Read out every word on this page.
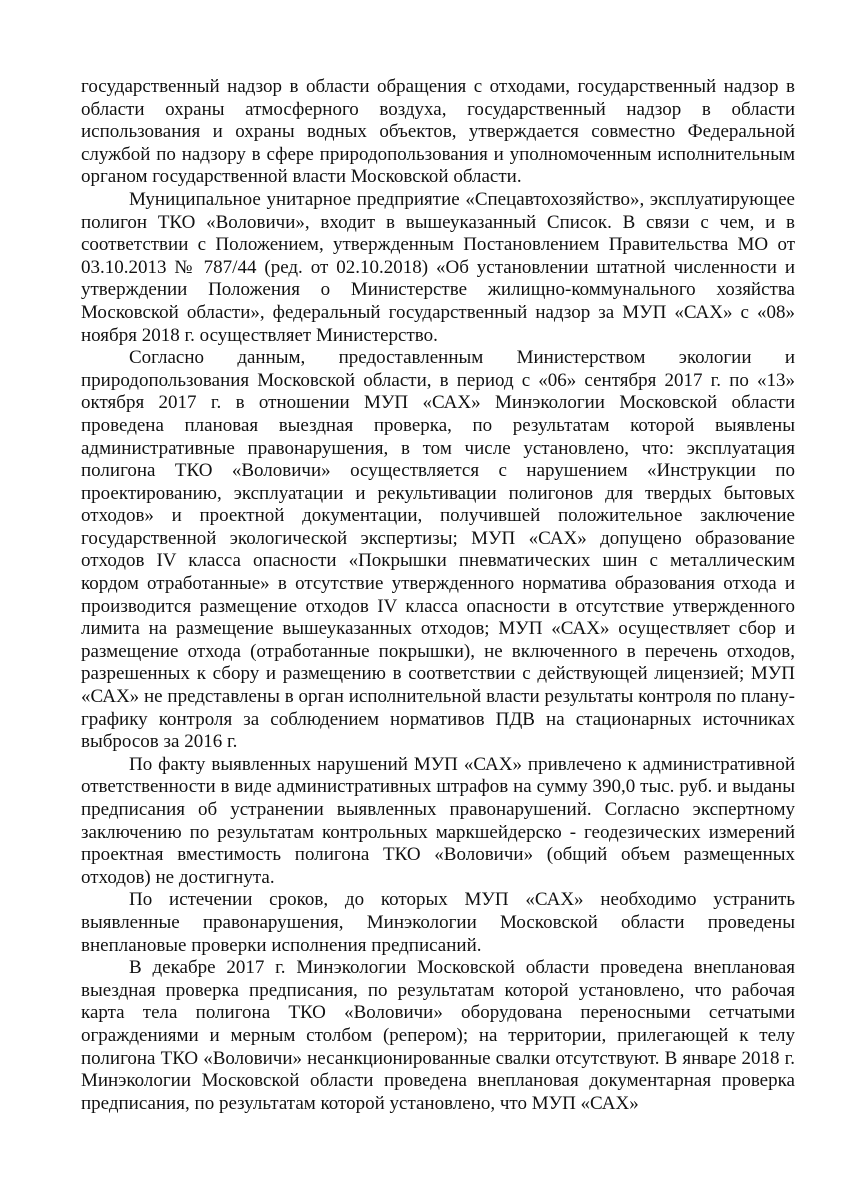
государственный надзор в области обращения с отходами, государственный надзор в области охраны атмосферного воздуха, государственный надзор в области использования и охраны водных объектов, утверждается совместно Федеральной службой по надзору в сфере природопользования и уполномоченным исполнительным органом государственной власти Московской области.

Муниципальное унитарное предприятие «Спецавтохозяйство», эксплуатирующее полигон ТКО «Воловичи», входит в вышеуказанный Список. В связи с чем, и в соответствии с Положением, утвержденным Постановлением Правительства МО от 03.10.2013 № 787/44 (ред. от 02.10.2018) «Об установлении штатной численности и утверждении Положения о Министерстве жилищно-коммунального хозяйства Московской области», федеральный государственный надзор за МУП «САХ» с «08» ноября 2018 г. осуществляет Министерство.

Согласно данным, предоставленным Министерством экологии и природопользования Московской области, в период с «06» сентября 2017 г. по «13» октября 2017 г. в отношении МУП «САХ» Минэкологии Московской области проведена плановая выездная проверка, по результатам которой выявлены административные правонарушения, в том числе установлено, что: эксплуатация полигона ТКО «Воловичи» осуществляется с нарушением «Инструкции по проектированию, эксплуатации и рекультивации полигонов для твердых бытовых отходов» и проектной документации, получившей положительное заключение государственной экологической экспертизы; МУП «САХ» допущено образование отходов IV класса опасности «Покрышки пневматических шин с металлическим кордом отработанные» в отсутствие утвержденного норматива образования отхода и производится размещение отходов IV класса опасности в отсутствие утвержденного лимита на размещение вышеуказанных отходов; МУП «САХ» осуществляет сбор и размещение отхода (отработанные покрышки), не включенного в перечень отходов, разрешенных к сбору и размещению в соответствии с действующей лицензией; МУП «САХ» не представлены в орган исполнительной власти результаты контроля по плану-графику контроля за соблюдением нормативов ПДВ на стационарных источниках выбросов за 2016 г.

По факту выявленных нарушений МУП «САХ» привлечено к административной ответственности в виде административных штрафов на сумму 390,0 тыс. руб. и выданы предписания об устранении выявленных правонарушений. Согласно экспертному заключению по результатам контрольных маркшейдерско - геодезических измерений проектная вместимость полигона ТКО «Воловичи» (общий объем размещенных отходов) не достигнута.

По истечении сроков, до которых МУП «САХ» необходимо устранить выявленные правонарушения, Минэкологии Московской области проведены внеплановые проверки исполнения предписаний.

В декабре 2017 г. Минэкологии Московской области проведена внеплановая выездная проверка предписания, по результатам которой установлено, что рабочая карта тела полигона ТКО «Воловичи» оборудована переносными сетчатыми ограждениями и мерным столбом (репером); на территории, прилегающей к телу полигона ТКО «Воловичи» несанкционированные свалки отсутствуют. В январе 2018 г. Минэкологии Московской области проведена внеплановая документарная проверка предписания, по результатам которой установлено, что МУП «САХ»
